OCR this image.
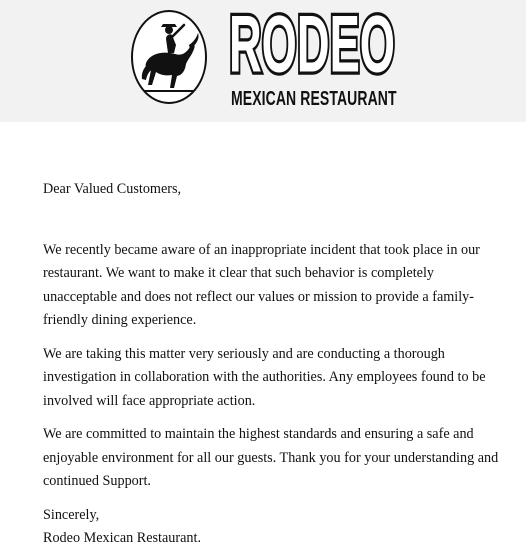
RODEO
MEXICAN RESTAURANT

Dear Valued Customers,

We recently became aware of an inappropriate incident that took place in our restaurant. We want to make it clear that such behavior is completely unacceptable and does not reflect our values or mission to provide a family-friendly dining experience.

We are taking this matter very seriously and are conducting a thorough investigation in collaboration with the authorities. Any employees found to be involved will face appropriate action.

We are committed to maintain the highest standards and ensuring a safe and enjoyable environment for all our guests. Thank you for your understanding and continued Support.

Sincerely,

Rodeo Mexican Restaurant.
